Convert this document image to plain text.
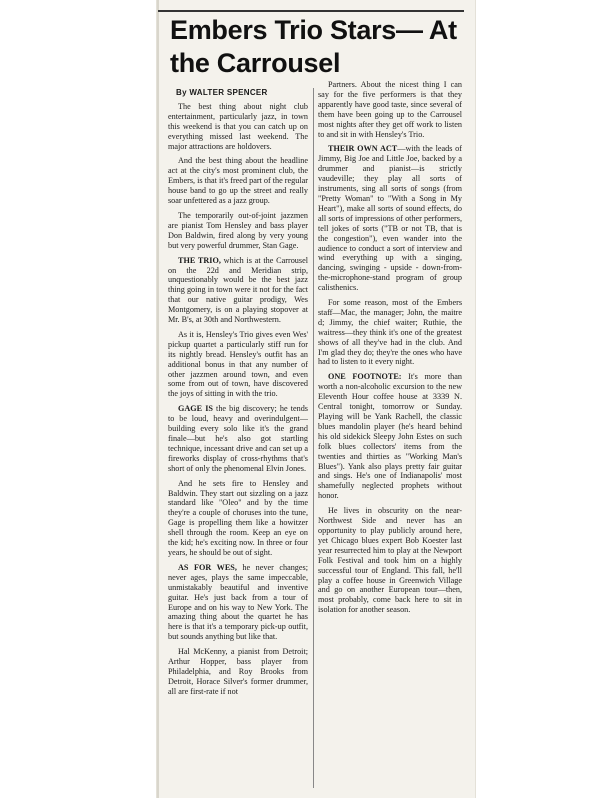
Embers Trio Stars— At the Carrousel
By WALTER SPENCER

The best thing about night club entertainment, particularly jazz, in town this weekend is that you can catch up on everything missed last weekend. The major attractions are holdovers.

And the best thing about the headline act at the city's most prominent club, the Embers, is that it's freed part of the regular house band to go up the street and really soar unfettered as a jazz group.

The temporarily out-of-joint jazzmen are pianist Tom Hensley and bass player Don Baldwin, fired along by very young but very powerful drummer, Stan Gage.

THE TRIO, which is at the Carrousel on the 22d and Meridian strip, unquestionably would be the best jazz thing going in town were it not for the fact that our native guitar prodigy, Wes Montgomery, is on a playing stopover at Mr. B's, at 30th and Northwestern.

As it is, Hensley's Trio gives even Wes' pickup quartet a particularly stiff run for its nightly bread. Hensley's outfit has an additional bonus in that any number of other jazzmen around town, and even some from out of town, have discovered the joys of sitting in with the trio.

GAGE IS the big discovery; he tends to be loud, heavy and overindulgent—building every solo like it's the grand finale—but he's also got startling technique, incessant drive and can set up a fireworks display of cross-rhythms that's short of only the phenomenal Elvin Jones.

And he sets fire to Hensley and Baldwin. They start out sizzling on a jazz standard like "Oleo" and by the time they're a couple of choruses into the tune, Gage is propelling them like a howitzer shell through the room. Keep an eye on the kid; he's exciting now. In three or four years, he should be out of sight.

AS FOR WES, he never changes; never ages, plays the same impeccable, unmistakably beautiful and inventive guitar. He's just back from a tour of Europe and on his way to New York. The amazing thing about the quartet he has here is that it's a temporary pick-up outfit, but sounds anything but like that.

Hal McKenny, a pianist from Detroit; Arthur Hopper, bass player from Philadelphia, and Roy Brooks from Detroit, Horace Silver's former drummer, all are first-rate if not

Partners. About the nicest thing I can say for the five performers is that they apparently have good taste, since several of them have been going up to the Carrousel most nights after they get off work to listen to and sit in with Hensley's Trio.

THEIR OWN ACT—with the leads of Jimmy, Big Joe and Little Joe, backed by a drummer and pianist—is strictly vaudeville; they play all sorts of instruments, sing all sorts of songs (from "Pretty Woman" to "With a Song in My Heart"), make all sorts of sound effects, do all sorts of impressions of other performers, tell jokes of sorts ("TB or not TB, that is the congestion"), even wander into the audience to conduct a sort of interview and wind everything up with a singing, dancing, swinging - upside - down-from-the-microphone-stand program of group calisthenics.

For some reason, most of the Embers staff—Mac, the manager; John, the maitre d; Jimmy, the chief waiter; Ruthie, the waitress—they think it's one of the greatest shows of all they've had in the club. And I'm glad they do; they're the ones who have had to listen to it every night.

ONE FOOTNOTE: It's more than worth a non-alcoholic excursion to the new Eleventh Hour coffee house at 3339 N. Central tonight, tomorrow or Sunday. Playing will be Yank Rachell, the classic blues mandolin player (he's heard behind his old sidekick Sleepy John Estes on such folk blues collectors' items from the twenties and thirties as "Working Man's Blues"). Yank also plays pretty fair guitar and sings. He's one of Indianapolis' most shamefully neglected prophets without honor.

He lives in obscurity on the near-Northwest Side and never has an opportunity to play publicly around here, yet Chicago blues expert Bob Koester last year resurrected him to play at the Newport Folk Festival and took him on a highly successful tour of England. This fall, he'll play a coffee house in Greenwich Village and go on another European tour—then, most probably, come back here to sit in isolation for another season.
